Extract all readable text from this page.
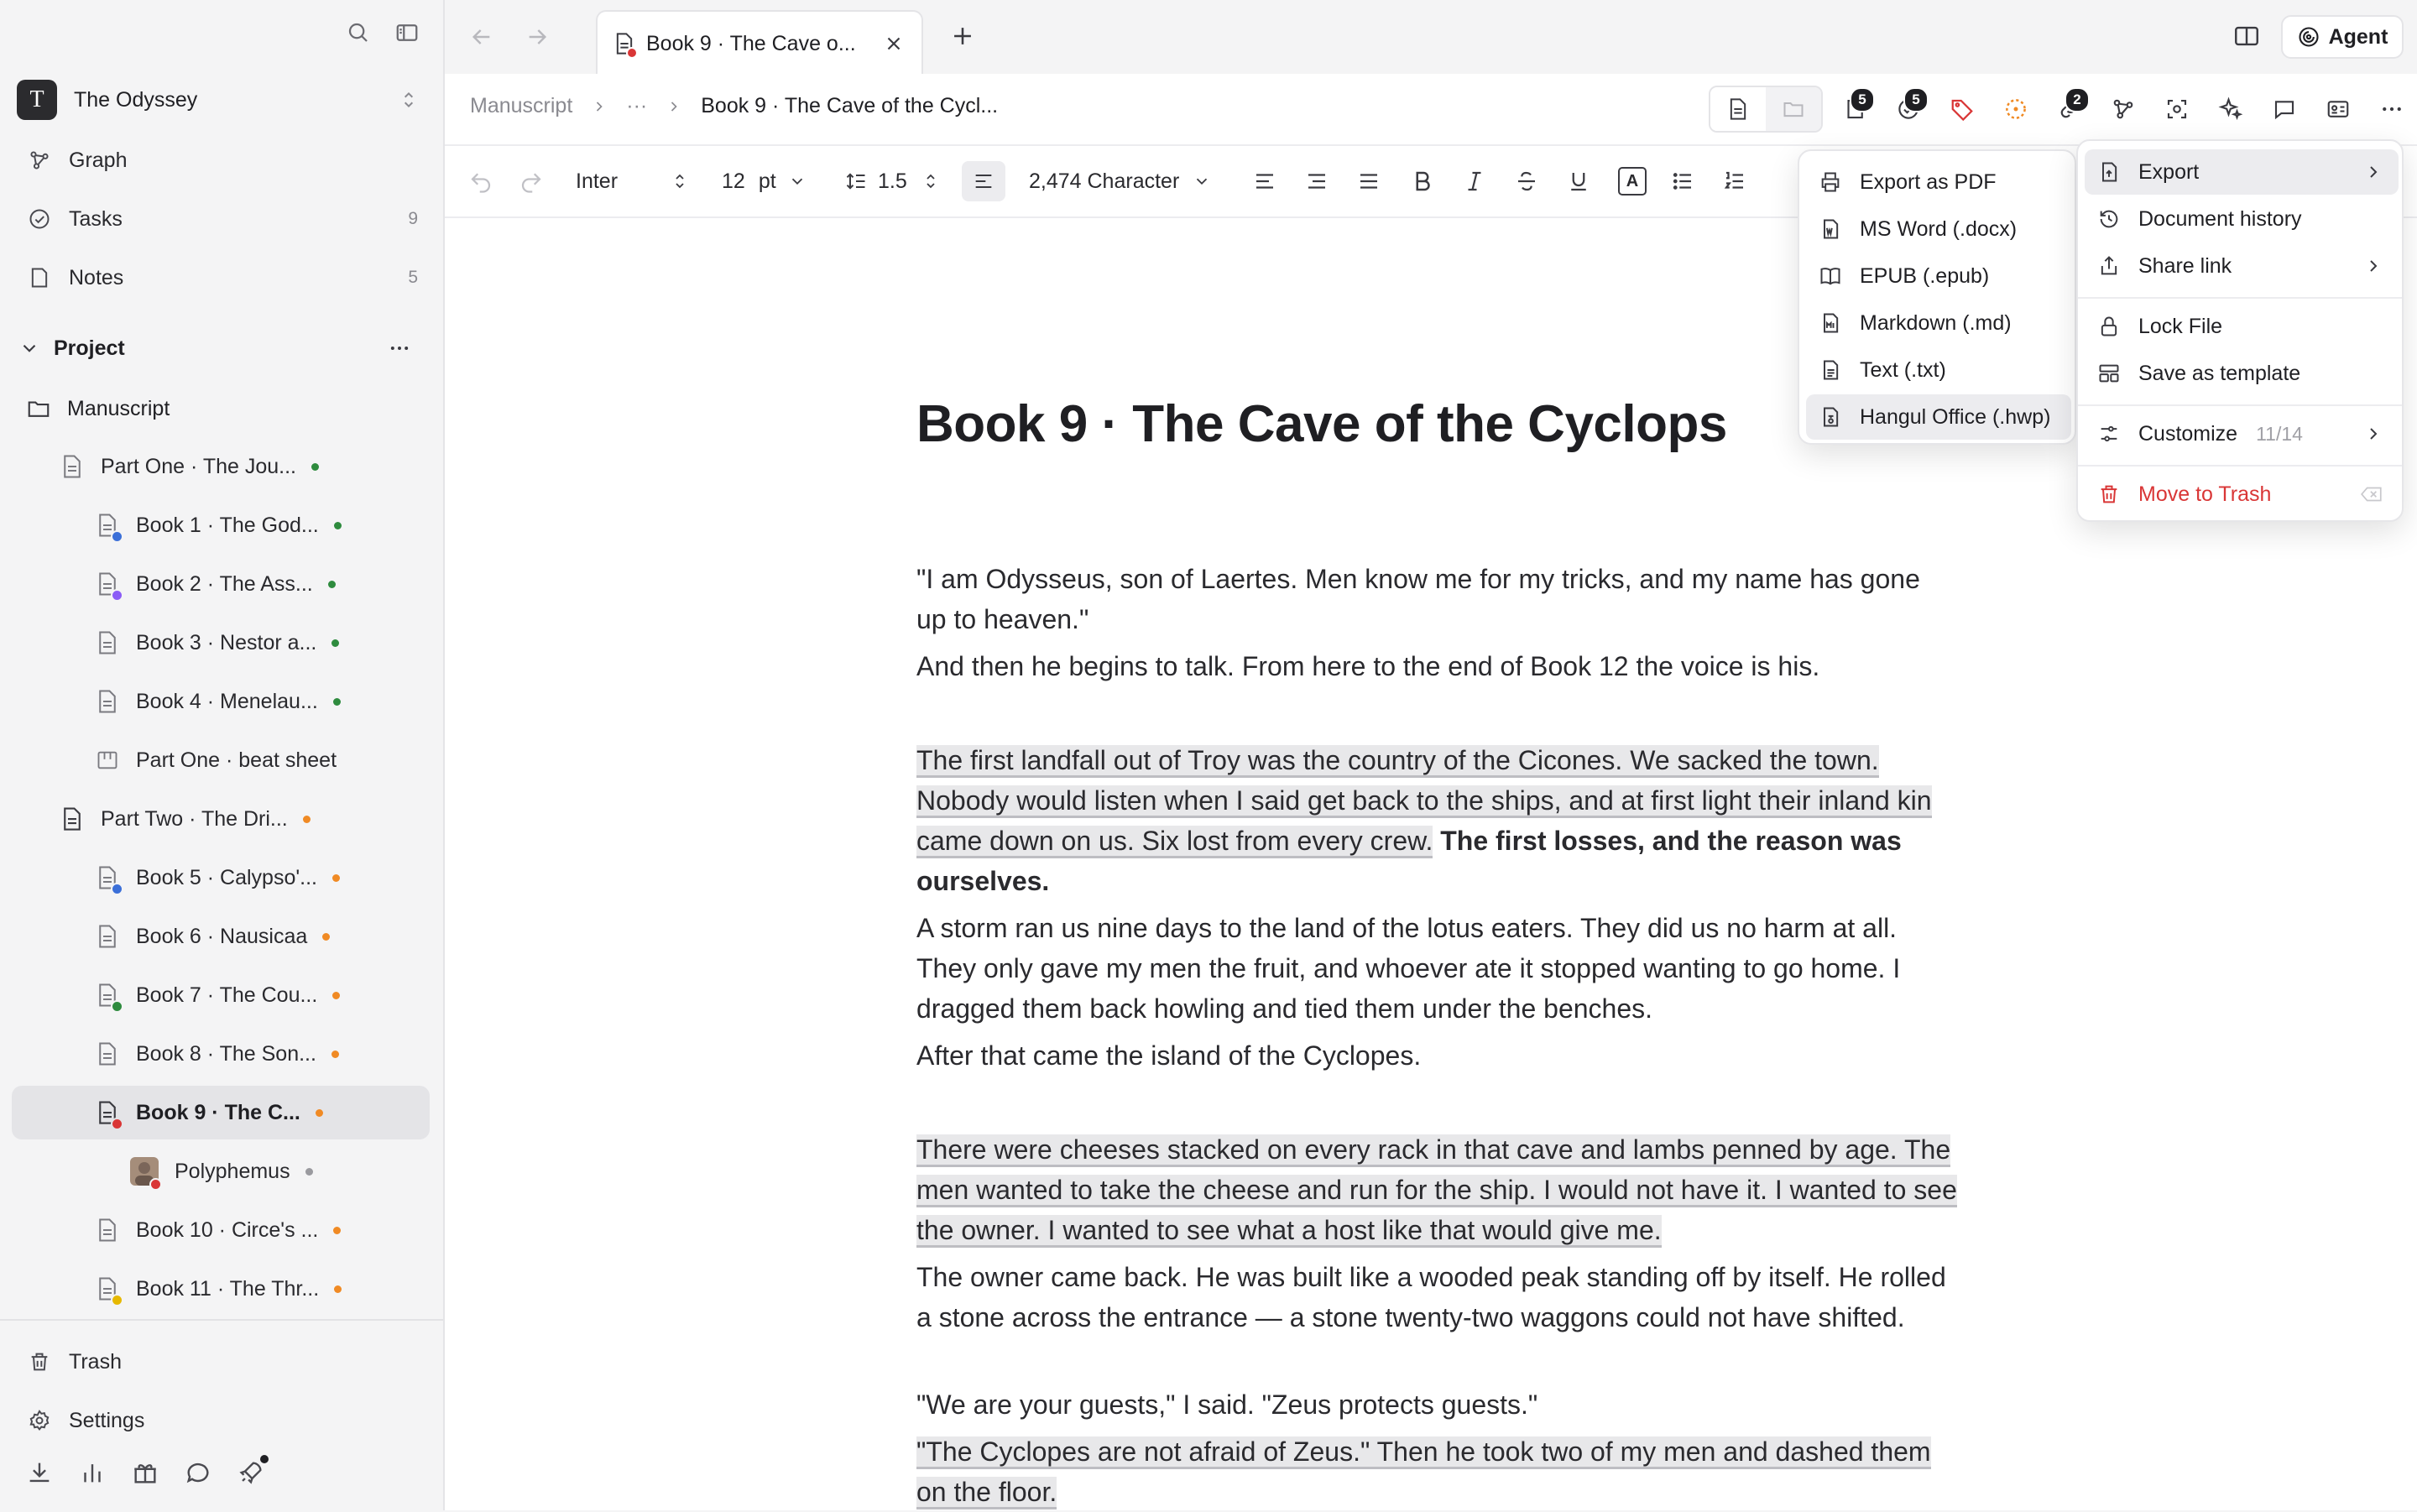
T	The Odyssey
Graph
Tasks	9
Notes	5
Project
Manuscript
Part One · The Jou...
Book 1 · The God...
Book 2 · The Ass...
Book 3 · Nestor a...
Book 4 · Menelau...
Part One · beat sheet
Part Two · The Dri...
Book 5 · Calypso'...
Book 6 · Nausicaa
Book 7 · The Cou...
Book 8 · The Son...
Book 9 · The C...
Polyphemus
Book 10 · Circe's ...
Book 11 · The Thr...
Trash
Settings
Book 9 · The Cave o...	Agent
Manuscript	···	Book 9 · The Cave of the Cycl...	5	5	2
Inter	12 pt	1.5	2,474 Character	A
Book 9 · The Cave of the Cyclops
"I am Odysseus, son of Laertes. Men know me for my tricks, and my name has gone up to heaven."
And then he begins to talk. From here to the end of Book 12 the voice is his.
The first landfall out of Troy was the country of the Cicones. We sacked the town. Nobody would listen when I said get back to the ships, and at first light their inland kin came down on us. Six lost from every crew. The first losses, and the reason was ourselves.
A storm ran us nine days to the land of the lotus eaters. They did us no harm at all. They only gave my men the fruit, and whoever ate it stopped wanting to go home. I dragged them back howling and tied them under the benches.
After that came the island of the Cyclopes.
There were cheeses stacked on every rack in that cave and lambs penned by age. The men wanted to take the cheese and run for the ship. I would not have it. I wanted to see the owner. I wanted to see what a host like that would give me.
The owner came back. He was built like a wooded peak standing off by itself. He rolled a stone across the entrance — a stone twenty-two waggons could not have shifted.
"We are your guests," I said. "Zeus protects guests."
"The Cyclopes are not afraid of Zeus." Then he took two of my men and dashed them on the floor.
Export as PDF
MS Word (.docx)
EPUB (.epub)
Markdown (.md)
Text (.txt)
Hangul Office (.hwp)
Export
Document history
Share link
Lock File
Save as template
Customize 11/14
Move to Trash
